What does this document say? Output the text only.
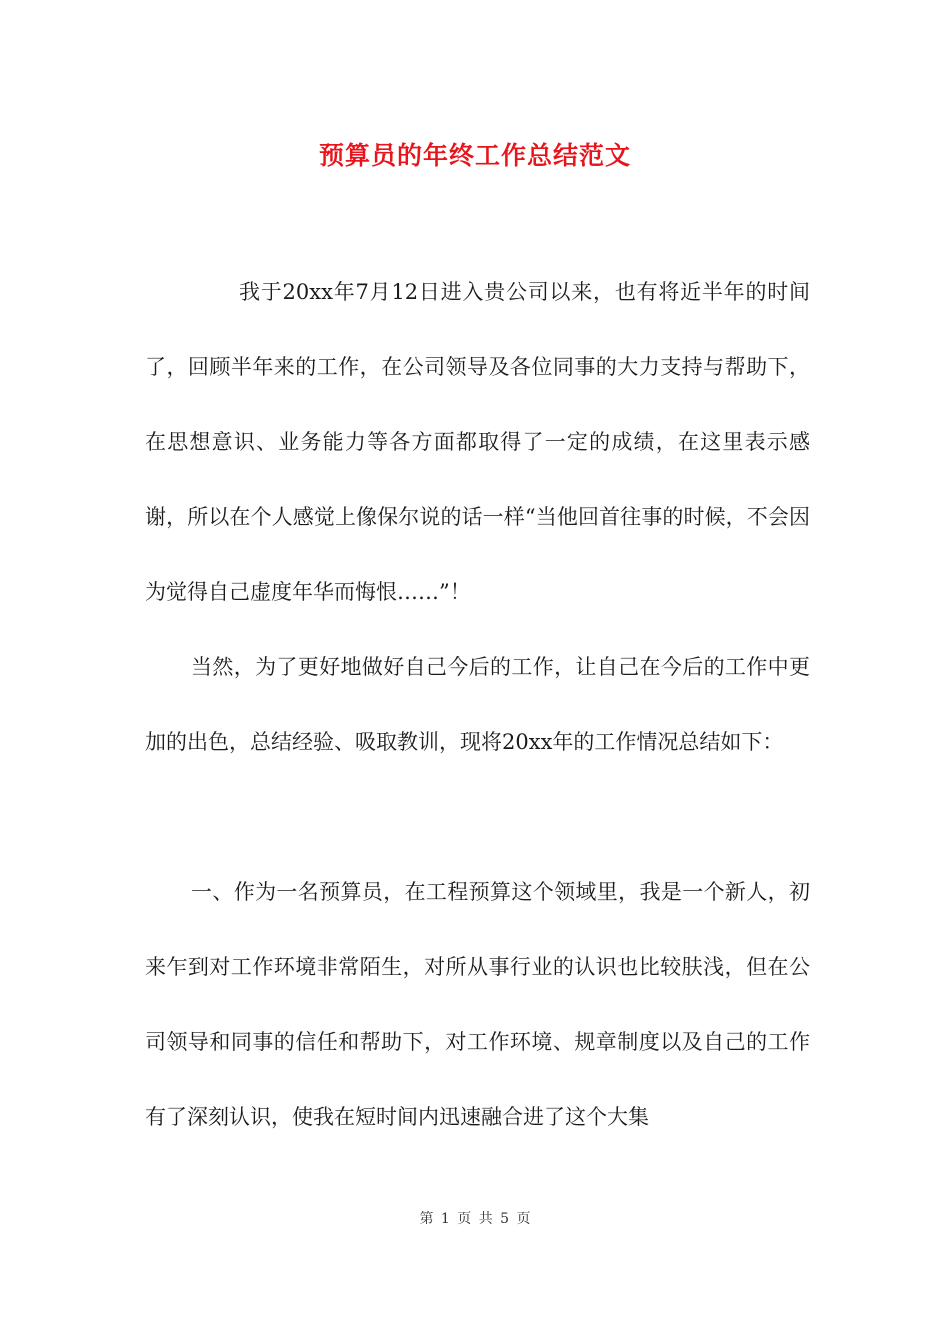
预算员的年终工作总结范文

我于20xx年7月12日进入贵公司以来，也有将近半年的时间了，回顾半年来的工作，在公司领导及各位同事的大力支持与帮助下，在思想意识、业务能力等各方面都取得了一定的成绩，在这里表示感谢，所以在个人感觉上像保尔说的话一样“当他回首往事的时候，不会因为觉得自己虚度年华而悔恨……”！

当然，为了更好地做好自己今后的工作，让自己在今后的工作中更加的出色，总结经验、吸取教训，现将20xx年的工作情况总结如下：

一、作为一名预算员，在工程预算这个领域里，我是一个新人，初来乍到对工作环境非常陌生，对所从事行业的认识也比较肤浅，但在公司领导和同事的信任和帮助下，对工作环境、规章制度以及自己的工作有了深刻认识，使我在短时间内迅速融合进了这个大集

第 1 页 共 5 页
